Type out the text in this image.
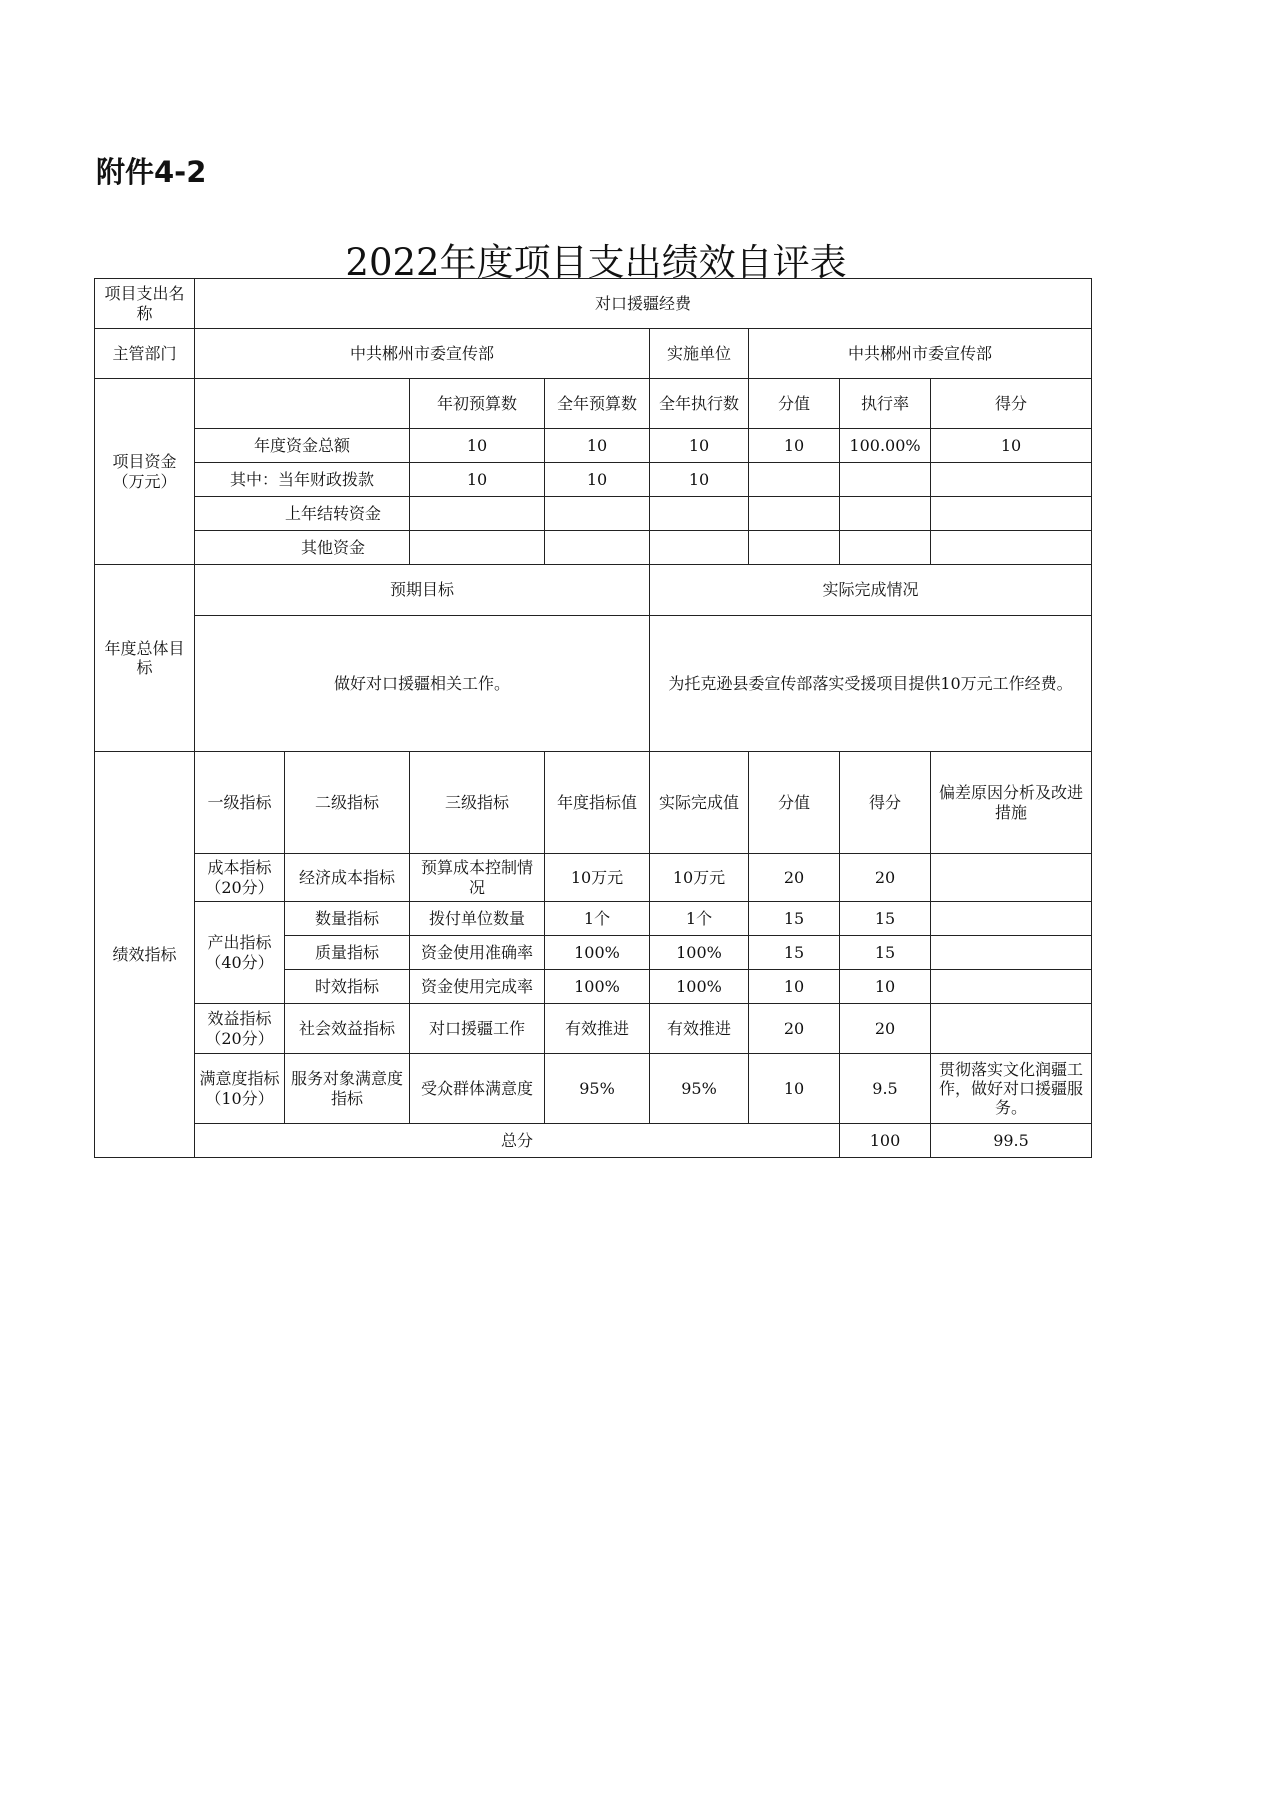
附件4-2
2022年度项目支出绩效自评表
项目支出名称	对口援疆经费								
主管部门	中共郴州市委宣传部				实施单位	中共郴州市委宣传部			
项目资金（万元）			年初预算数	全年预算数	全年执行数	分值	执行率	得分	
	年度资金总额		10	10	10	10	100.00%	10	
	其中：当年财政拨款		10	10	10				
	上年结转资金								
	其他资金								
年度总体目标	预期目标				实际完成情况				
	做好对口援疆相关工作。				为托克逊县委宣传部落实受援项目提供10万元工作经费。				
绩效指标	一级指标	二级指标	三级指标	年度指标值	实际完成值	分值	得分	偏差原因分析及改进措施	
	成本指标（20分）	经济成本指标	预算成本控制情况	10万元	10万元	20	20		
	产出指标（40分）	数量指标	拨付单位数量	1个	1个	15	15		
		质量指标	资金使用准确率	100%	100%	15	15		
		时效指标	资金使用完成率	100%	100%	10	10		
	效益指标（20分）	社会效益指标	对口援疆工作	有效推进	有效推进	20	20		
	满意度指标（10分）	服务对象满意度指标	受众群体满意度	95%	95%	10	9.5	贯彻落实文化润疆工作，做好对口援疆服务。	
	总分						100	99.5	
